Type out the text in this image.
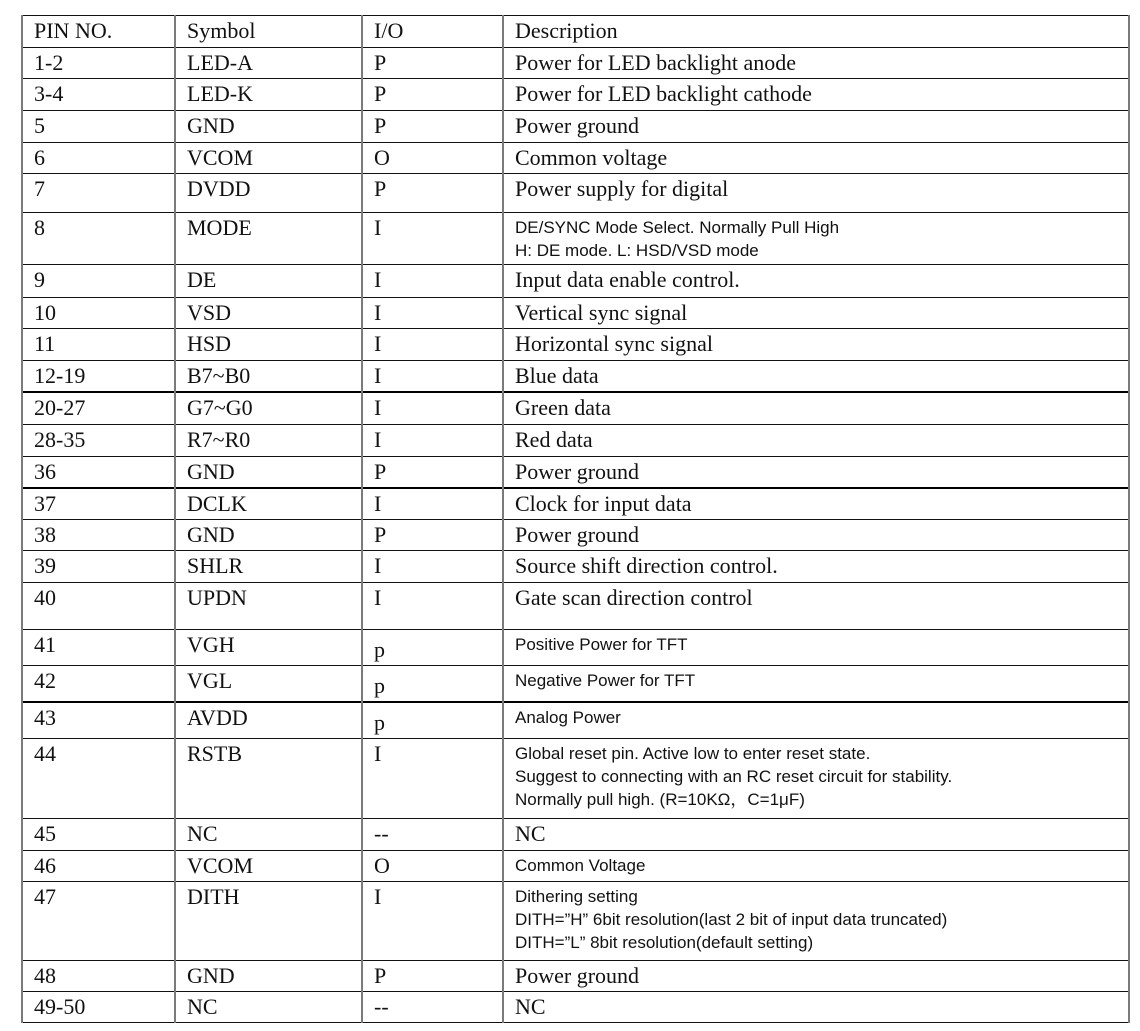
PIN NO.	Symbol	I/O	Description
1-2	LED-A	P	Power for LED backlight anode

3-4	LED-K	P	Power for LED backlight cathode

5	GND	P	Power ground

6	VCOM	O	Common voltage

7	DVDD	P	Power supply for digital

8	MODE	I	DE/SYNC Mode Select. Normally Pull High
H: DE mode. L: HSD/VSD mode

9	DE	I	Input data enable control.

10	VSD	I	Vertical sync signal

11	HSD	I	Horizontal sync signal

12-19	B7~B0	I	Blue data

20-27	G7~G0	I	Green data

28-35	R7~R0	I	Red data

36	GND	P	Power ground

37	DCLK	I	Clock for input data

38	GND	P	Power ground

39	SHLR	I	Source shift direction control.

40	UPDN	I	Gate scan direction control

41	VGH	p	Positive Power for TFT

42	VGL	p	Negative Power for TFT

43	AVDD	p	Analog Power

44	RSTB	I	Global reset pin. Active low to enter reset state.
Suggest to connecting with an RC reset circuit for stability.
Normally pull high. (R=10KΩ，C=1μF)

45	NC	--	NC

46	VCOM	O	Common Voltage

47	DITH	I	Dithering setting
DITH=”H” 6bit resolution(last 2 bit of input data truncated)
DITH=”L” 8bit resolution(default setting)

48	GND	P	Power ground

49-50	NC	--	NC
